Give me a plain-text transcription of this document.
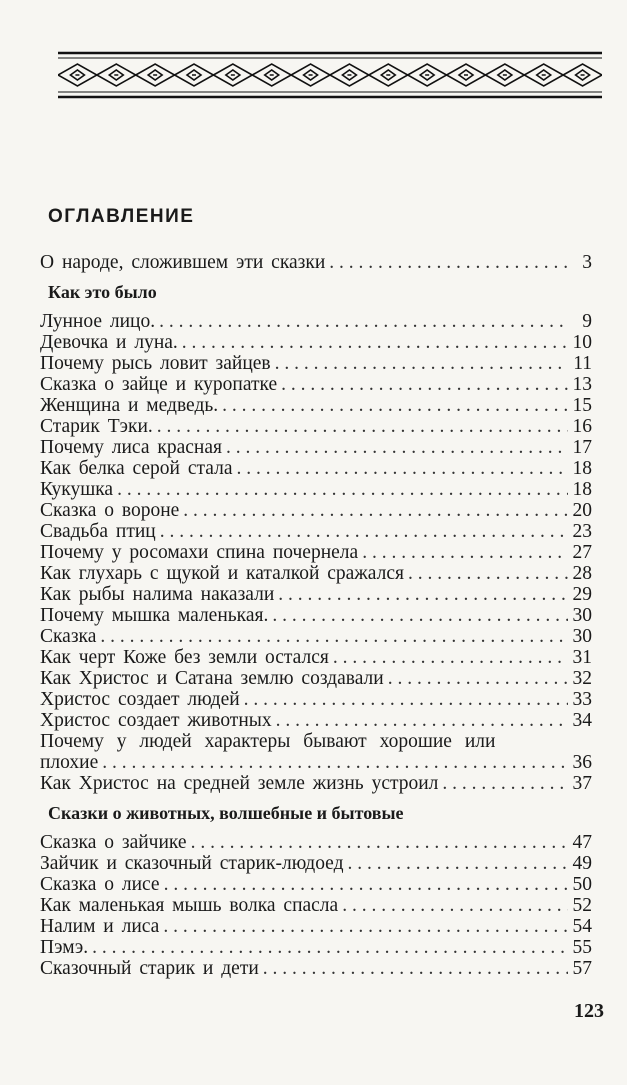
ОГЛАВЛЕНИЕ
О народе, сложившем эти сказки . . .	3
Как это было
Лунное лицо. . . .	9
Девочка и луна. . . .	10
Почему рысь ловит зайцев . . .	11
Сказка о зайце и куропатке . . .	13
Женщина и медведь. . . .	15
Старик Тэки. . . .	16
Почему лиса красная . . .	17
Как белка серой стала . . .	18
Кукушка . . .	18
Сказка о вороне . . .	20
Свадьба птиц . . .	23
Почему у росомахи спина почернела . . .	27
Как глухарь с щукой и каталкой сражался . . .	28
Как рыбы налима наказали . . .	29
Почему мышка маленькая. . . .	30
Сказка . . .	30
Как черт Коже без земли остался . . .	31
Как Христос и Сатана землю создавали . . .	32
Христос создает людей . . .	33
Христос создает животных . . .	34
Почему у людей характеры бывают хорошие или
плохие . . .	36
Как Христос на средней земле жизнь устроил . . .	37
Сказки о животных, волшебные и бытовые
Сказка о зайчике . . .	47
Зайчик и сказочный старик-людоед . . .	49
Сказка о лисе . . .	50
Как маленькая мышь волка спасла . . .	52
Налим и лиса . . .	54
Пэмэ. . . .	55
Сказочный старик и дети . . .	57
123
